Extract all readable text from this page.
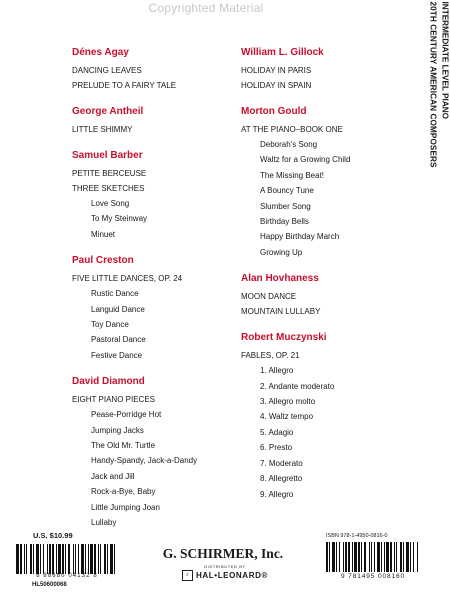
Copyrighted Material
Dénes Agay
DANCING LEAVES
PRELUDE TO A FAIRY TALE
George Antheil
LITTLE SHIMMY
Samuel Barber
PETITE BERCEUSE
THREE SKETCHES
Love Song
To My Steinway
Minuet
Paul Creston
FIVE LITTLE DANCES, OP. 24
Rustic Dance
Languid Dance
Toy Dance
Pastoral Dance
Festive Dance
David Diamond
EIGHT PIANO PIECES
Pease-Porridge Hot
Jumping Jacks
The Old Mr. Turtle
Handy-Spandy, Jack-a-Dandy
Jack and Jill
Rock-a-Bye, Baby
Little Jumping Joan
Lullaby
William L. Gillock
HOLIDAY IN PARIS
HOLIDAY IN SPAIN
Morton Gould
AT THE PIANO–BOOK ONE
Deborah's Song
Waltz for a Growing Child
The Missing Beat!
A Bouncy Tune
Slumber Song
Birthday Bells
Happy Birthday March
Growing Up
Alan Hovhaness
MOON DANCE
MOUNTAIN LULLABY
Robert Muczynski
FABLES, OP. 21
1. Allegro
2. Andante moderato
3. Allegro molto
4. Waltz tempo
5. Adagio
6. Presto
7. Moderato
8. Allegretto
9. Allegro
20TH CENTURY AMERICAN COMPOSERS INTERMEDIATE LEVEL PIANO
U.S. $10.99
8 88680 04132 8
HL50600068
G. SCHIRMER, Inc.
DISTRIBUTED BY
♪ HAL•LEONARD®
ISBN 978-1-4950-0816-0
9 781495 008160
